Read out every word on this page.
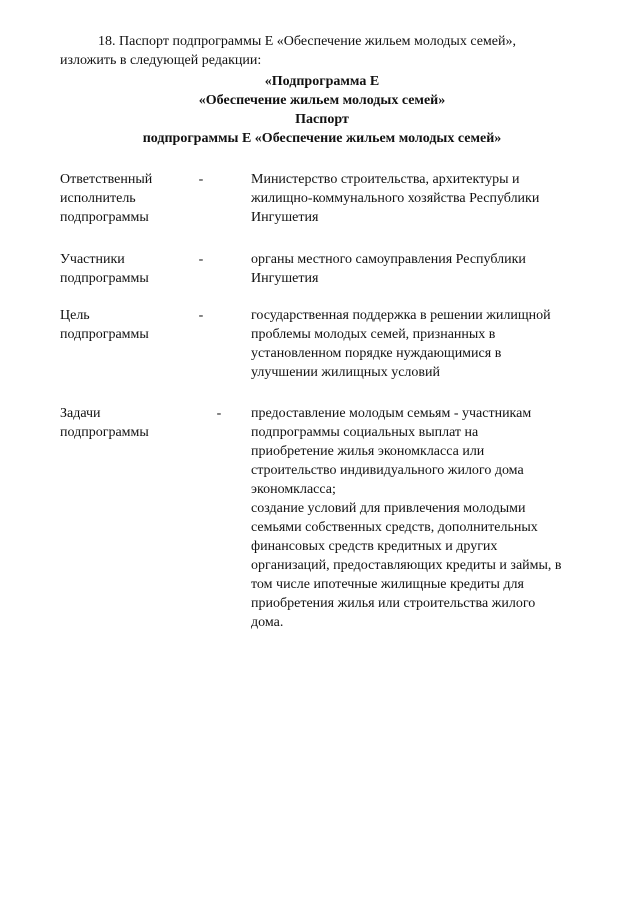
18. Паспорт подпрограммы Е «Обеспечение жильем молодых семей»,
изложить в следующей редакции:
«Подпрограмма Е
«Обеспечение жильем молодых семей»
Паспорт
подпрограммы Е «Обеспечение жильем молодых семей»
Ответственный
исполнитель
подпрограммы
-	Министерство строительства, архитектуры и
жилищно-коммунального хозяйства Республики
Ингушетия
Участники
подпрограммы
-	органы местного самоуправления Республики
Ингушетия
Цель
подпрограммы
-	государственная поддержка в решении жилищной
проблемы молодых семей, признанных в
установленном порядке нуждающимися в
улучшении жилищных условий
Задачи
подпрограммы
- предоставление молодым семьям - участникам
подпрограммы социальных выплат на
приобретение жилья экономкласса или
строительство индивидуального жилого дома
экономкласса;
создание условий для привлечения молодыми
семьями собственных средств, дополнительных
финансовых средств кредитных и других
организаций, предоставляющих кредиты и займы, в
том числе ипотечные жилищные кредиты для
приобретения жилья или строительства жилого
дома.
